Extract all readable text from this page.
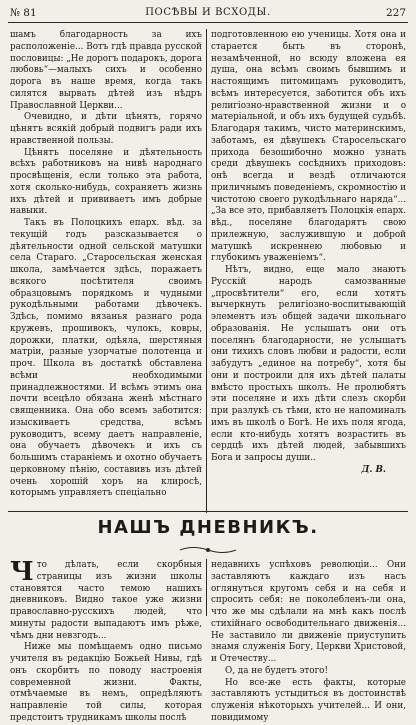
№ 81	ПОСѢВЫ И ВСХОДЫ.	227

шамъ благодарность за ихъ расположеніе... Вотъ гдѣ правда русской пословицы: „Не дорогъ подарокъ, дорога любовь“—малыхъ сихъ и особенно дорога въ наше время, когда такъ силятся вырвать дѣтей изъ нѣдръ Православной Церкви...

Очевидно, и дѣти цѣнятъ, горячо цѣнятъ всякій добрый подвигъ ради ихъ нравственной пользы.

Цѣнятъ поселяне и дѣятельность всѣхъ работниковъ на нивѣ народнаго просвѣщенія, если только эта работа, хотя сколько-нибудь, сохраняетъ жизнь ихъ дѣтей и прививаетъ имъ добрые навыки.

Такъ въ Полоцкихъ епарх. вѣд. за текущій годъ разсказывается о дѣятельности одной сельской матушки села Стараго. „Старосельская женская школа, замѣчается здѣсь, поражаетъ всякого посѣтителя своимъ образцовымъ порядкомъ и чудными рукодѣльными работами дѣвочекъ. Здѣсь, помимо вязанья разнаго рода кружевъ, прошивокъ, чулокъ, ковры, дорожки, платки, одѣяла, шерстяныя матріи, разные узорчатые полотенца и проч. Школа въ достаткѣ обставлена всѣми необходимыми принадлежностями. И всѣмъ этимъ она почти всецѣло обязана женѣ мѣстнаго священника. Она обо всемъ заботится: изыскиваетъ средства, всѣмъ руководитъ, всему даетъ направленіе, она обучаетъ дѣвочекъ и ихъ съ большимъ стараніемъ и охотно обучаетъ церковному пѣнію, составивъ изъ дѣтей очень хорошій хоръ на клиросѣ, которымъ управляетъ спеціально

подготовленною ею ученицы. Хотя она и старается быть въ сторонѣ, незамѣченной, но всюду вложена ея душа, она всѣмъ своимъ бывшимъ и настоящимъ питомицамъ руководитъ, всѣмъ интересуется, заботится объ ихъ религіозно-нравственной жизни и о матеріальной, и объ ихъ будущей судьбѣ. Благодаря такимъ, чисто материнскимъ, заботамъ, ея дѣвушекъ Старосельскаго прихода безошибочно можно узнать среди дѣвушекъ сосѣднихъ приходовъ: онѣ всегда и вездѣ отличаются приличнымъ поведеніемъ, скромностію и чистотою своего рукодѣльнаго наряда“... „За все это, прибавляетъ Полоцкія епарх. вѣд., поселяне благодарятъ свою прилежную, заслужившую и доброй матушкѣ искреннею любовью и глубокимъ уваженіемъ“.

Нѣтъ, видно, еще мало знаютъ Русскій народъ самозванные „просвѣтители“ его, если хотятъ вычеркнуть религіозно-воспитывающій элементъ изъ общей задачи школьнаго образованія. Не услышатъ они отъ поселянъ благодарности, не услышатъ они тихихъ словъ любви и радости, если забудутъ „единое на потребу“, хотя бы они и построили для ихъ дѣтей палаты вмѣсто простыхъ школъ. Не пролюбятъ эти поселяне и ихъ дѣти слезъ скорби при разлукѣ съ тѣми, кто не напоминалъ имъ въ школѣ о Богѣ. Не ихъ поля ягода, если кто-нибудь хотятъ возрастить въ сердцѣ ихъ дѣтей людей, забывшихъ Бога и запросы души..

Д. В.
НАШЪ ДНЕВНИКЪ.

Что дѣлать, если скорбныя страницы изъ жизни школы становятся часто темою нашихъ дневниковъ. Видно такое уже жизни православно-русскихъ людей, что минуты радости выпадаютъ имъ рѣже, чѣмъ дни невзгодъ...

Ниже мы помѣщаемъ одно письмо учителя въ редакцію Божьей Нивы, гдѣ онъ скорбитъ по поводу настроенія современной жизни. Факты, отмѣчаемые въ немъ, опредѣляютъ направленіе той силы, которая предстоитъ трудникамъ школы послѣ

недавнихъ успѣховъ революціи... Они заставляютъ каждаго изъ насъ оглянуться кругомъ себя и на себя и спросить себя: не поколебленъ-ли она, что же мы сдѣлали на мнѣ какъ послѣ стихійнаго освободительнаго движенія... Не заставило ли движеніе приуступить знамя служенія Богу, Церкви Христовой, и Отечеству...

О, да не будетъ этого!

Но все-же есть факты, которые заставляютъ устыдиться въ достоинствѣ служенія нѣкоторыхъ учителей... И они, повидимому
